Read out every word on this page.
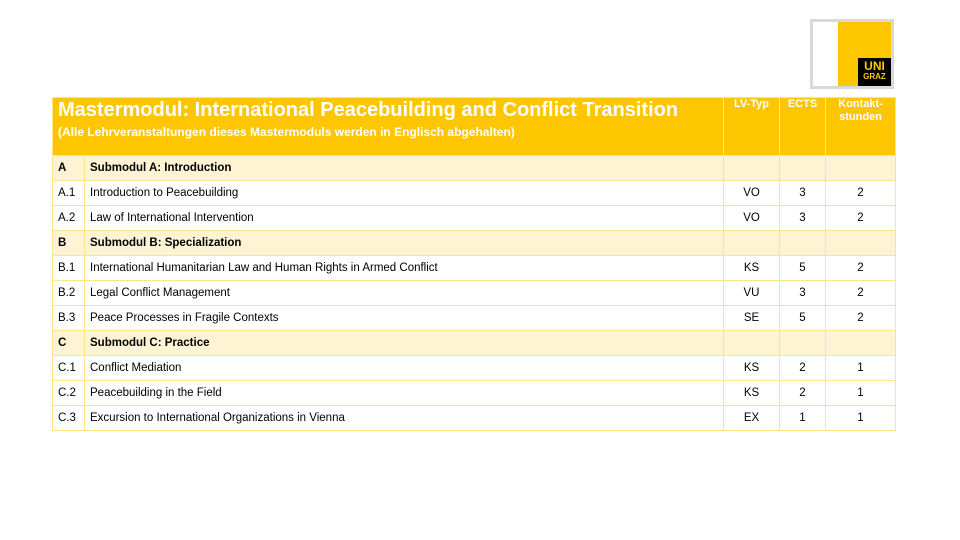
UNI
GRAZ
Mastermodul: International Peacebuilding and Conflict Transition
(Alle Lehrveranstaltungen dieses Mastermoduls werden in Englisch abgehalten)		LV-Typ	ECTS	Kontakt-stunden
A	Submodul A: Introduction			
A.1	Introduction to Peacebuilding	VO	3	2
A.2	Law of International Intervention	VO	3	2
B	Submodul B: Specialization			
B.1	International Humanitarian Law and Human Rights in Armed Conflict	KS	5	2
B.2	Legal Conflict Management	VU	3	2
B.3	Peace Processes in Fragile Contexts	SE	5	2
C	Submodul C: Practice			
C.1	Conflict Mediation	KS	2	1
C.2	Peacebuilding in the Field	KS	2	1
C.3	Excursion to International Organizations in Vienna	EX	1	1
